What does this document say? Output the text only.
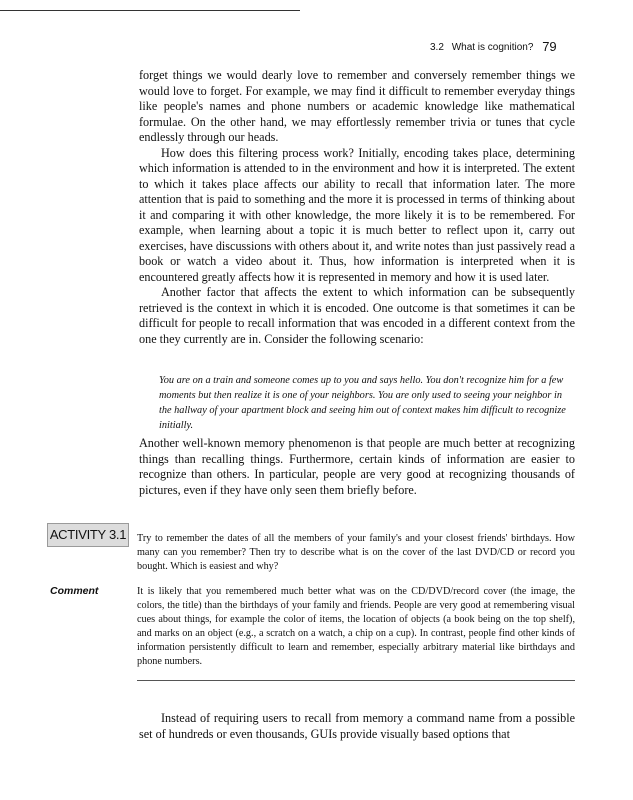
3.2 What is cognition? 79

forget things we would dearly love to remember and conversely remember things we would love to forget. For example, we may find it difficult to remember everyday things like people's names and phone numbers or academic knowledge like mathematical formulae. On the other hand, we may effortlessly remember trivia or tunes that cycle endlessly through our heads.

How does this filtering process work? Initially, encoding takes place, determining which information is attended to in the environment and how it is interpreted. The extent to which it takes place affects our ability to recall that information later. The more attention that is paid to something and the more it is processed in terms of thinking about it and comparing it with other knowledge, the more likely it is to be remembered. For example, when learning about a topic it is much better to reflect upon it, carry out exercises, have discussions with others about it, and write notes than just passively read a book or watch a video about it. Thus, how information is interpreted when it is encountered greatly affects how it is represented in memory and how it is used later.

Another factor that affects the extent to which information can be subsequently retrieved is the context in which it is encoded. One outcome is that sometimes it can be difficult for people to recall information that was encoded in a different context from the one they currently are in. Consider the following scenario:

You are on a train and someone comes up to you and says hello. You don't recognize him for a few moments but then realize it is one of your neighbors. You are only used to seeing your neighbor in the hallway of your apartment block and seeing him out of context makes him difficult to recognize initially.

Another well-known memory phenomenon is that people are much better at recognizing things than recalling things. Furthermore, certain kinds of information are easier to recognize than others. In particular, people are very good at recognizing thousands of pictures, even if they have only seen them briefly before.

ACTIVITY 3.1 Try to remember the dates of all the members of your family's and your closest friends' birthdays. How many can you remember? Then try to describe what is on the cover of the last DVD/CD or record you bought. Which is easiest and why?
Comment	It is likely that you remembered much better what was on the CD/DVD/record cover (the image, the colors, the title) than the birthdays of your family and friends. People are very good at remembering visual cues about things, for example the color of items, the location of objects (a book being on the top shelf), and marks on an object (e.g., a scratch on a watch, a chip on a cup). In contrast, people find other kinds of information persistently difficult to learn and remember, especially arbitrary material like birthdays and phone numbers.

Instead of requiring users to recall from memory a command name from a possible set of hundreds or even thousands, GUIs provide visually based options that
